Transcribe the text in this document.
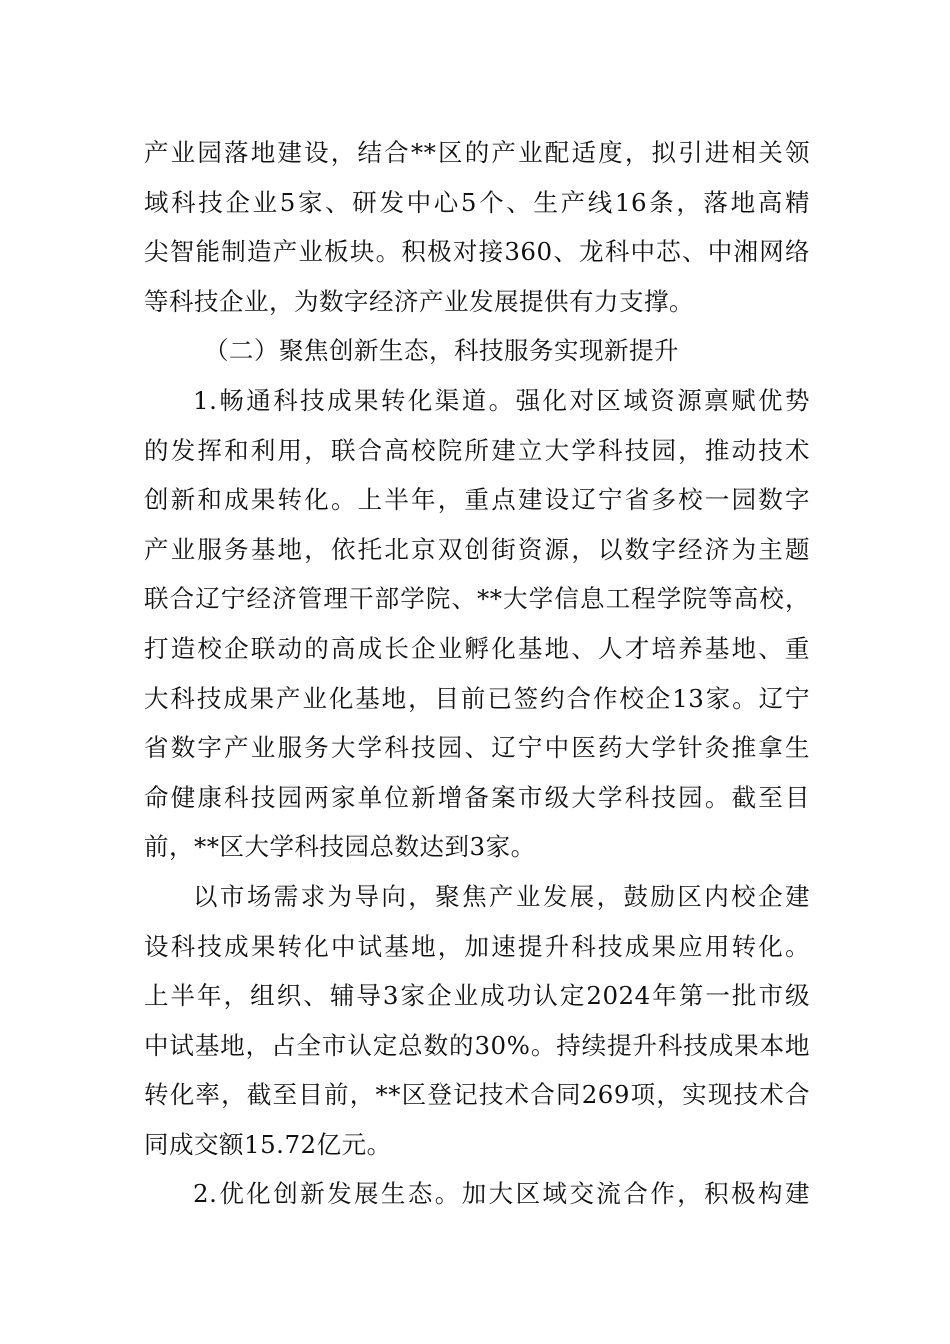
产业园落地建设，结合**区的产业配适度，拟引进相关领
域科技企业5家、研发中心5个、生产线16条，落地高精
尖智能制造产业板块。积极对接360、龙科中芯、中湘网络
等科技企业，为数字经济产业发展提供有力支撑。
（二）聚焦创新生态，科技服务实现新提升
1.畅通科技成果转化渠道。强化对区域资源禀赋优势
的发挥和利用，联合高校院所建立大学科技园，推动技术
创新和成果转化。上半年，重点建设辽宁省多校一园数字
产业服务基地，依托北京双创街资源，以数字经济为主题
联合辽宁经济管理干部学院、**大学信息工程学院等高校，
打造校企联动的高成长企业孵化基地、人才培养基地、重
大科技成果产业化基地，目前已签约合作校企13家。辽宁
省数字产业服务大学科技园、辽宁中医药大学针灸推拿生
命健康科技园两家单位新增备案市级大学科技园。截至目
前，**区大学科技园总数达到3家。
以市场需求为导向，聚焦产业发展，鼓励区内校企建
设科技成果转化中试基地，加速提升科技成果应用转化。
上半年，组织、辅导3家企业成功认定2024年第一批市级
中试基地，占全市认定总数的30%。持续提升科技成果本地
转化率，截至目前，**区登记技术合同269项，实现技术合
同成交额15.72亿元。
2.优化创新发展生态。加大区域交流合作，积极构建
